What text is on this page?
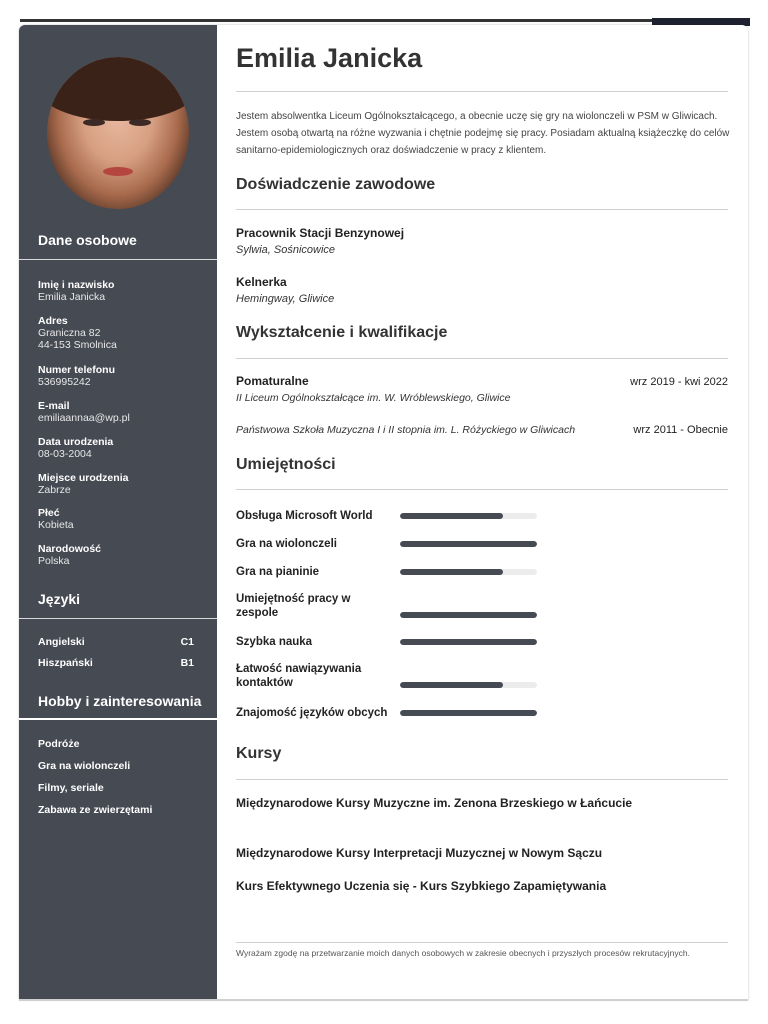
Dane osobowe
Imię i nazwisko
Emilia Janicka
Adres
Graniczna 82
44-153 Smolnica
Numer telefonu
536995242
E-mail
emiliaannaa@wp.pl
Data urodzenia
08-03-2004
Miejsce urodzenia
Zabrze
Płeć
Kobieta
Narodowość
Polska
Języki
Angielski	C1
Hiszpański	B1
Hobby i zainteresowania
Podróże
Gra na wiolonczeli
Filmy, seriale
Zabawa ze zwierzętami
Emilia Janicka
Jestem absolwentka Liceum Ogólnokształcącego, a obecnie uczę się gry na wiolonczeli w PSM w Gliwicach. Jestem osobą otwartą na różne wyzwania i chętnie podejmę się pracy. Posiadam aktualną książeczkę do celów sanitarno-epidemiologicznych oraz doświadczenie w pracy z klientem.
Doświadczenie zawodowe
Pracownik Stacji Benzynowej
Sylwia, Sośnicowice
Kelnerka
Hemingway, Gliwice
Wykształcenie i kwalifikacje
Pomaturalne	wrz 2019 - kwi 2022
II Liceum Ogólnokształcące im. W. Wróblewskiego, Gliwice
Państwowa Szkoła Muzyczna I i II stopnia im. L. Różyckiego w Gliwicach	wrz 2011 - Obecnie
Umiejętności
Obsługa Microsoft World
Gra na wiolonczeli
Gra na pianinie
Umiejętność pracy w zespole
Szybka nauka
Łatwość nawiązywania kontaktów
Znajomość języków obcych
Kursy
Międzynarodowe Kursy Muzyczne im. Zenona Brzeskiego w Łańcucie
Międzynarodowe Kursy Interpretacji Muzycznej w Nowym Sączu
Kurs Efektywnego Uczenia się - Kurs Szybkiego Zapamiętywania
Wyrażam zgodę na przetwarzanie moich danych osobowych w zakresie obecnych i przyszłych procesów rekrutacyjnych.
